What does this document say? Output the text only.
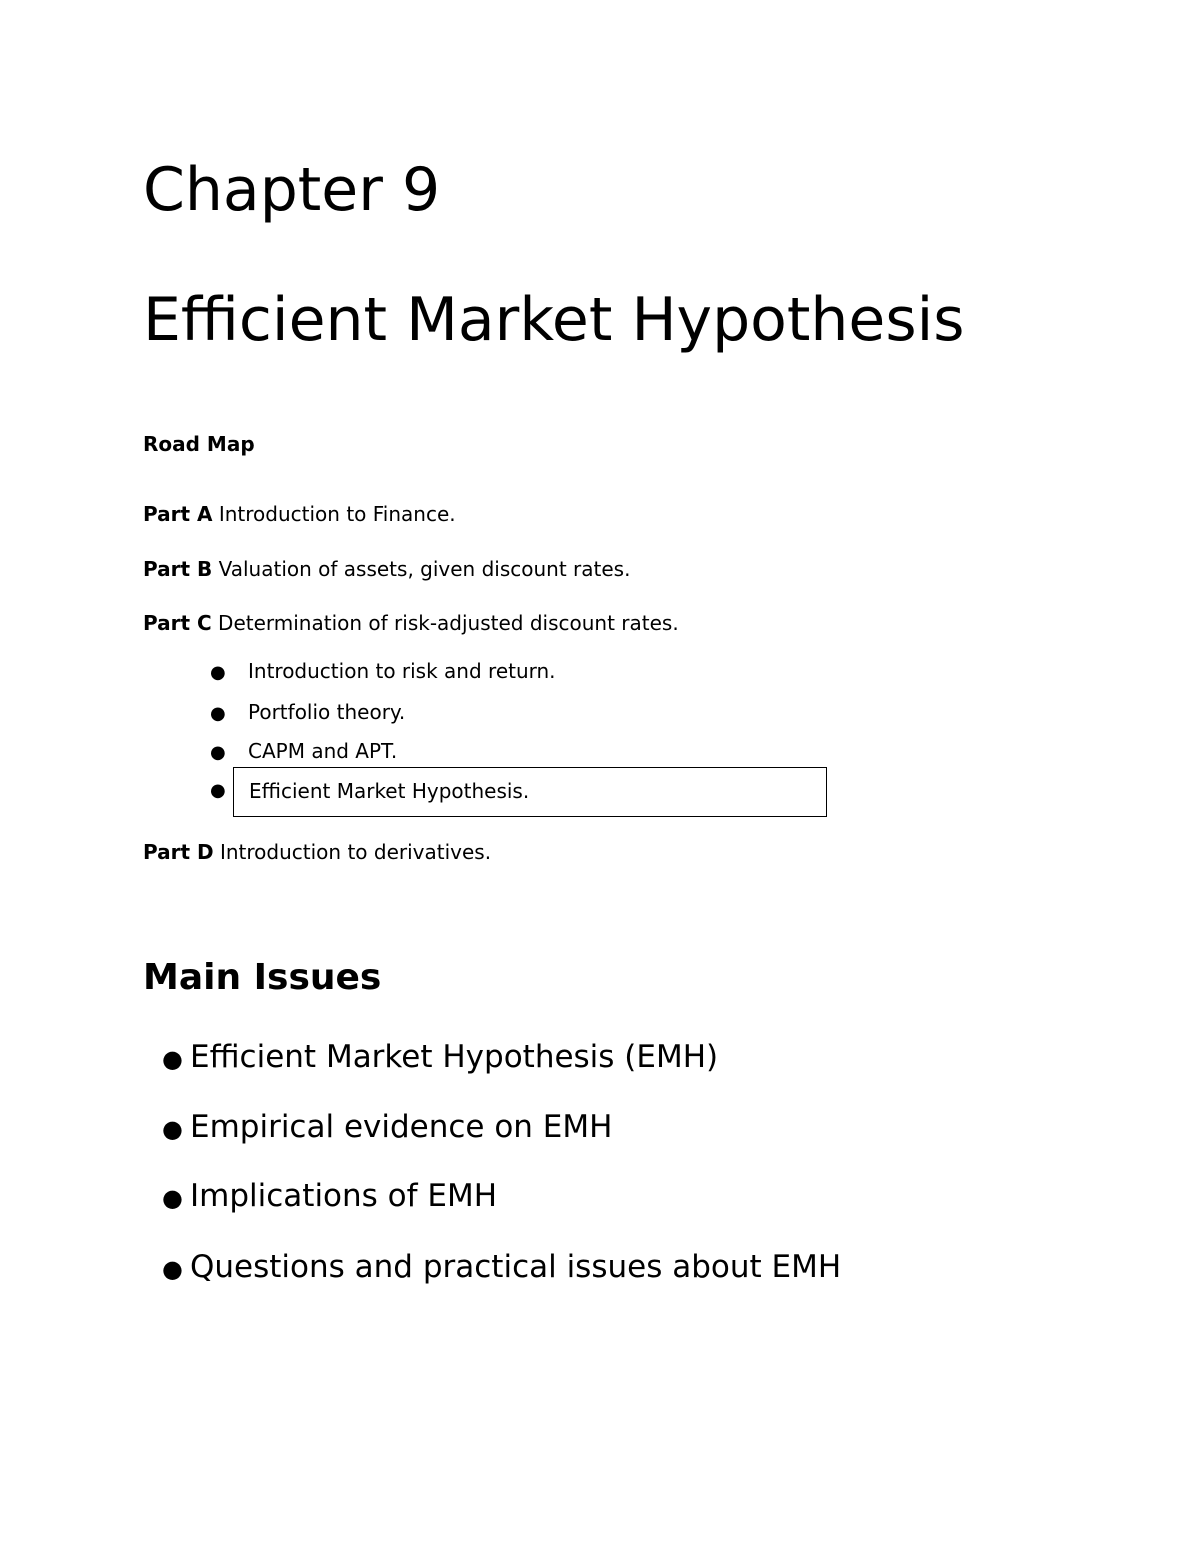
Chapter 9
Efficient Market Hypothesis
Road Map
Part A Introduction to Finance.
Part B Valuation of assets, given discount rates.
Part C Determination of risk-adjusted discount rates.
● Introduction to risk and return.
● Portfolio theory.
● CAPM and APT.
● Efficient Market Hypothesis.
Part D Introduction to derivatives.
Main Issues
● Efficient Market Hypothesis (EMH)
● Empirical evidence on EMH
● Implications of EMH
● Questions and practical issues about EMH
